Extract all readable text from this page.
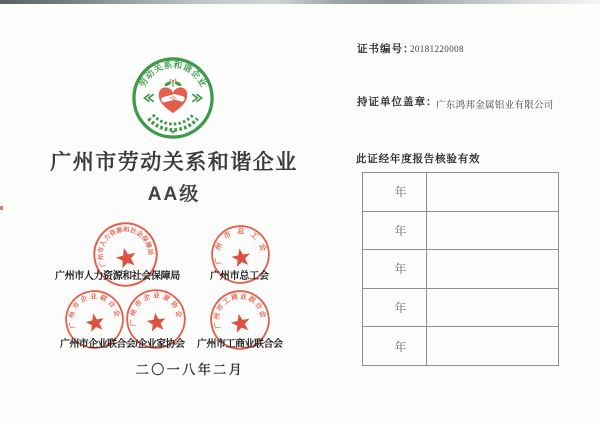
劳动关系和谐企业
广州市劳动关系和谐企业
AA级
广州市人力资源和社会保障局	广州市总工会
广州市企业联合会
广州市企业家协会
广州市工商业联合会
广州市人力资源和社会保障局	广州市总工会
广州市企业联合会/企业家协会 广州市工商业联合会
二〇一八年二月
证书编号：
20181220008
持证单位盖章：
广东鸿邦金属铝业有限公司
此证经年度报告核验有效
年
年
年
年
年
